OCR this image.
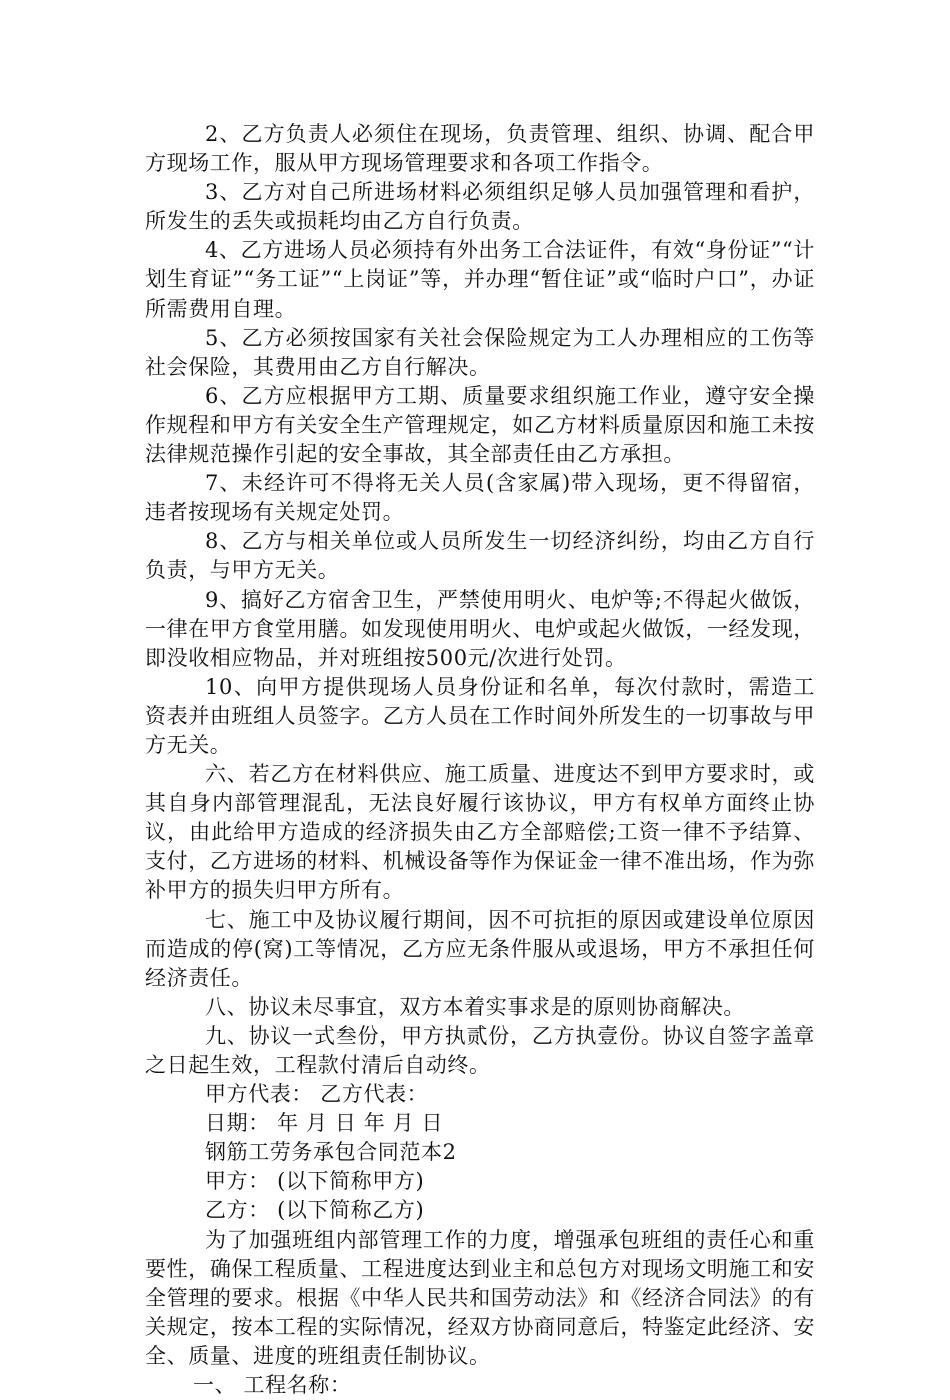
2、乙方负责人必须住在现场，负责管理、组织、协调、配合甲方现场工作，服从甲方现场管理要求和各项工作指令。

3、乙方对自己所进场材料必须组织足够人员加强管理和看护，所发生的丢失或损耗均由乙方自行负责。

4、乙方进场人员必须持有外出务工合法证件，有效“身份证”“计划生育证”“务工证”“上岗证”等，并办理“暂住证”或“临时户口”，办证所需费用自理。

5、乙方必须按国家有关社会保险规定为工人办理相应的工伤等社会保险，其费用由乙方自行解决。

6、乙方应根据甲方工期、质量要求组织施工作业，遵守安全操作规程和甲方有关安全生产管理规定，如乙方材料质量原因和施工未按法律规范操作引起的安全事故，其全部责任由乙方承担。

7、未经许可不得将无关人员(含家属)带入现场，更不得留宿，违者按现场有关规定处罚。

8、乙方与相关单位或人员所发生一切经济纠纷，均由乙方自行负责，与甲方无关。

9、搞好乙方宿舍卫生，严禁使用明火、电炉等;不得起火做饭，一律在甲方食堂用膳。如发现使用明火、电炉或起火做饭，一经发现，即没收相应物品，并对班组按500元/次进行处罚。

10、向甲方提供现场人员身份证和名单，每次付款时，需造工资表并由班组人员签字。乙方人员在工作时间外所发生的一切事故与甲方无关。

六、若乙方在材料供应、施工质量、进度达不到甲方要求时，或其自身内部管理混乱，无法良好履行该协议，甲方有权单方面终止协议，由此给甲方造成的经济损失由乙方全部赔偿;工资一律不予结算、支付，乙方进场的材料、机械设备等作为保证金一律不准出场，作为弥补甲方的损失归甲方所有。

七、施工中及协议履行期间，因不可抗拒的原因或建设单位原因而造成的停(窝)工等情况，乙方应无条件服从或退场，甲方不承担任何经济责任。

八、协议未尽事宜，双方本着实事求是的原则协商解决。

九、协议一式叁份，甲方执贰份，乙方执壹份。协议自签字盖章之日起生效，工程款付清后自动终。

甲方代表： 乙方代表：

日期： 年 月 日 年 月 日

钢筋工劳务承包合同范本2

甲方： (以下简称甲方)

乙方： (以下简称乙方)

为了加强班组内部管理工作的力度，增强承包班组的责任心和重要性，确保工程质量、工程进度达到业主和总包方对现场文明施工和安全管理的要求。根据《中华人民共和国劳动法》和《经济合同法》的有关规定，按本工程的实际情况，经双方协商同意后，特鉴定此经济、安全、质量、进度的班组责任制协议。

一、 工程名称：
